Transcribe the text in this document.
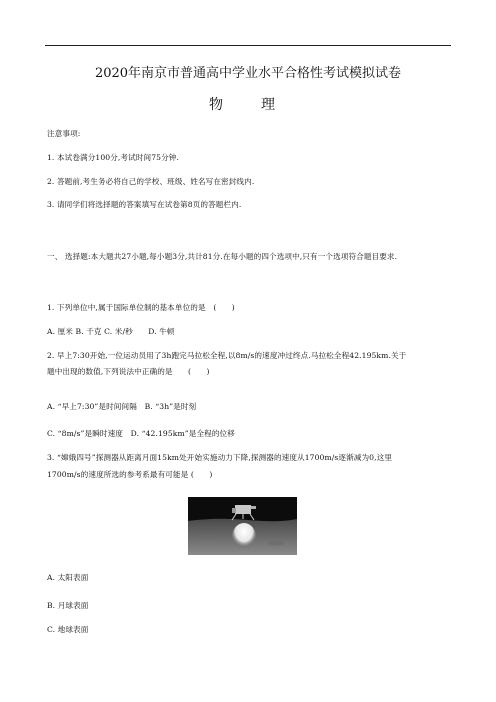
2020年南京市普通高中学业水平合格性考试模拟试卷
物　理
注意事项:
1. 本试卷满分100分,考试时间75分钟.
2. 答题前,考生务必将自己的学校、班级、姓名写在密封线内.
3. 请同学们将选择题的答案填写在试卷第8页的答题栏内.
一、 选择题:本大题共27小题,每小题3分,共计81分.在每小题的四个选项中,只有一个选项符合题目要求.
1. 下列单位中,属于国际单位制的基本单位的是　(　　)
A. 厘米 B. 千克 C. 米/秒　　D. 牛顿
2. 早上7:30开始,一位运动员用了3h跑完马拉松全程,以8m/s的速度冲过终点.马拉松全程42.195km.关于
题中出现的数值,下列说法中正确的是　　(　　)
A. “早上7:30”是时间间隔　B. “3h”是时刻
C. “8m/s”是瞬时速度　D. “42.195km”是全程的位移
3. “嫦娥四号”探测器从距离月面15km处开始实施动力下降,探测器的速度从1700m/s逐渐减为0,这里
1700m/s的速度所选的参考系最有可能是 (　　)
A. 太阳表面
B. 月球表面
C. 地球表面
